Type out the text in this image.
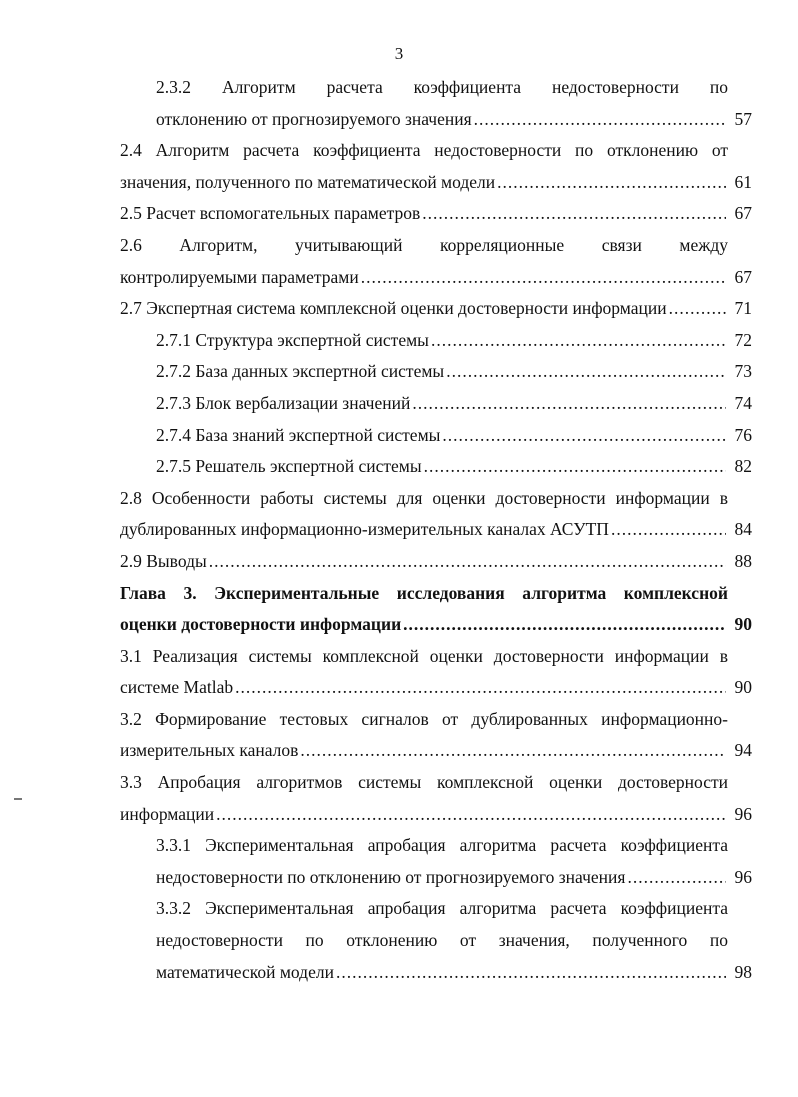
3
2.3.2 Алгоритм расчета коэффициента недостоверности по
отклонению от прогнозируемого значения .....	57
2.4 Алгоритм расчета коэффициента недостоверности по отклонению от
значения, полученного по математической модели .....	61
2.5 Расчет вспомогательных параметров .....	67
2.6 Алгоритм, учитывающий корреляционные связи между
контролируемыми параметрами .....	67
2.7 Экспертная система комплексной оценки достоверности информации .....	71
2.7.1 Структура экспертной системы .....	72
2.7.2 База данных экспертной системы .....	73
2.7.3 Блок вербализации значений .....	74
2.7.4 База знаний экспертной системы .....	76
2.7.5 Решатель экспертной системы .....	82
2.8 Особенности работы системы для оценки достоверности информации в
дублированных информационно-измерительных каналах АСУТП .....	84
2.9 Выводы .....	88
Глава 3. Экспериментальные исследования алгоритма комплексной
оценки достоверности информации .....	90
3.1 Реализация системы комплексной оценки достоверности информации в
системе Matlab .....	90
3.2 Формирование тестовых сигналов от дублированных информационно-
измерительных каналов .....	94
3.3 Апробация алгоритмов системы комплексной оценки достоверности
информации .....	96
3.3.1 Экспериментальная апробация алгоритма расчета коэффициента
недостоверности по отклонению от прогнозируемого значения .....	96
3.3.2 Экспериментальная апробация алгоритма расчета коэффициента
недостоверности по отклонению от значения, полученного по
математической модели .....	98
